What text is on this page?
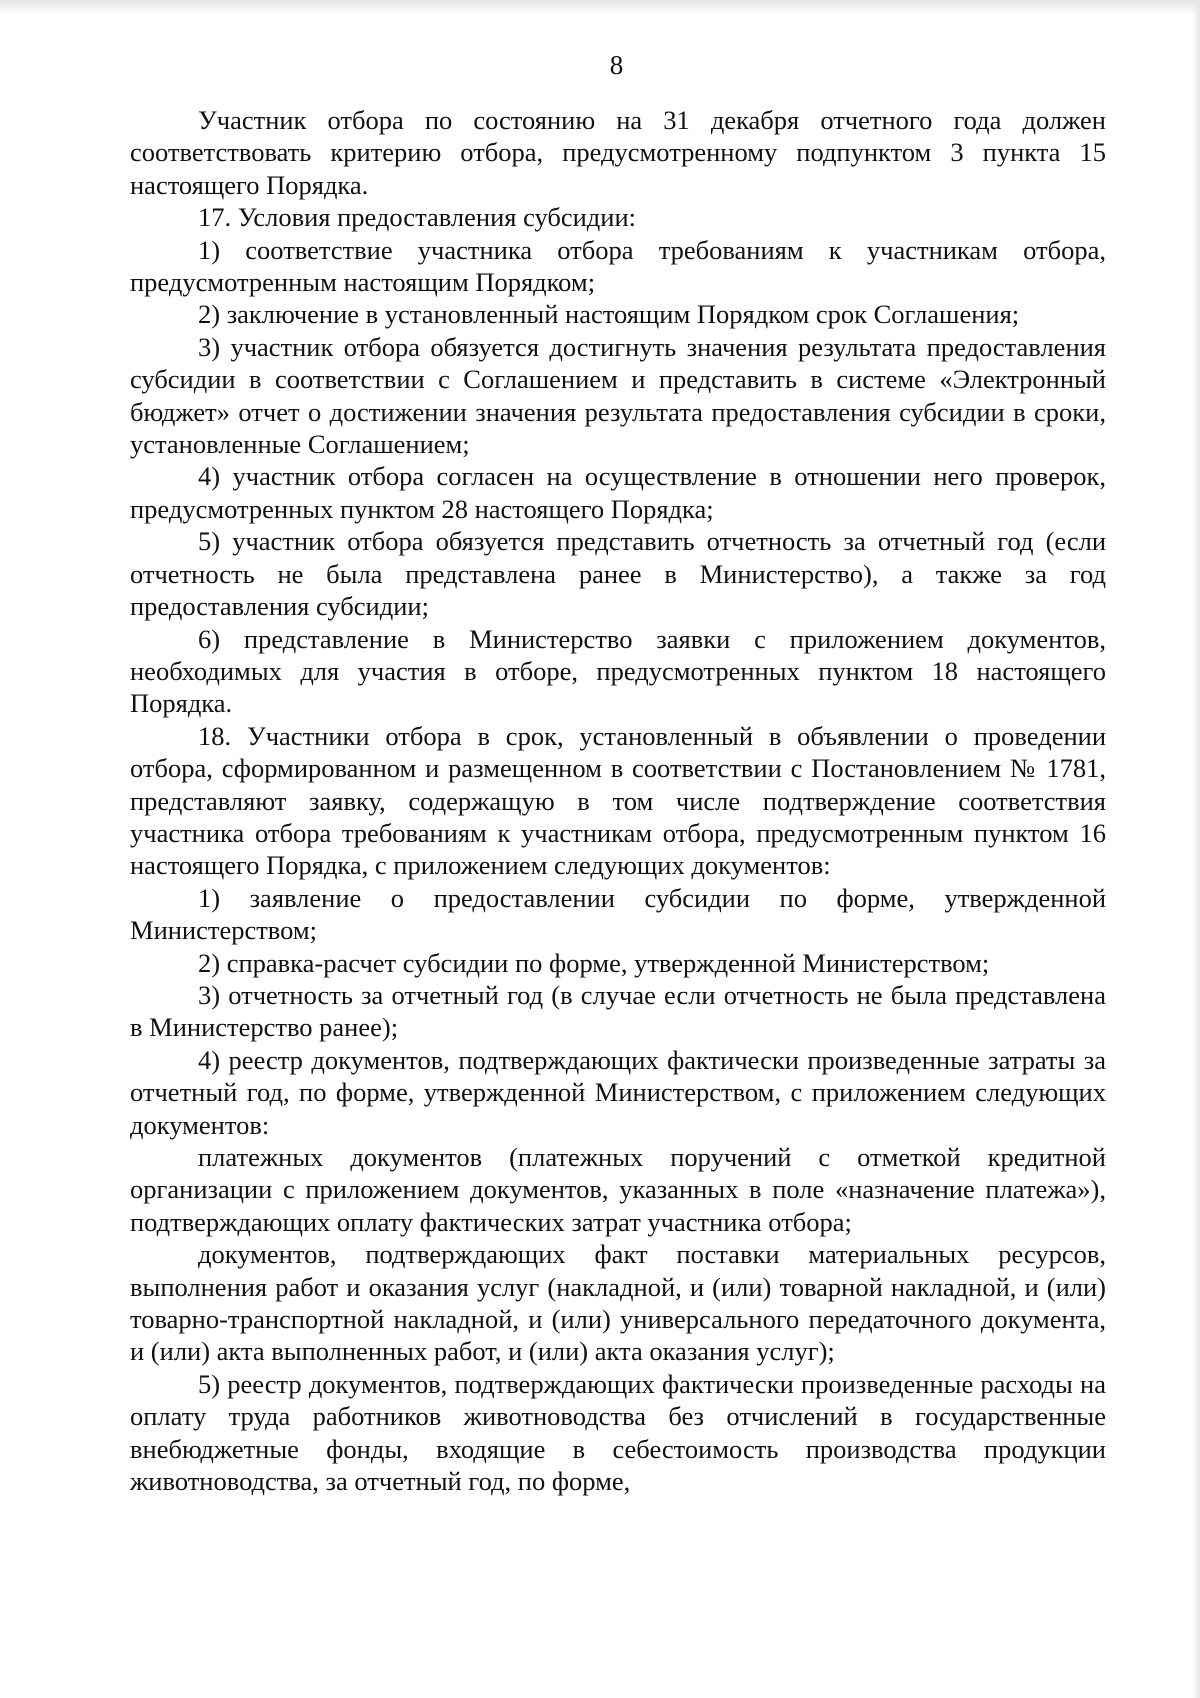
8

Участник отбора по состоянию на 31 декабря отчетного года должен соответствовать критерию отбора, предусмотренному подпунктом 3 пункта 15 настоящего Порядка.

17. Условия предоставления субсидии:

1) соответствие участника отбора требованиям к участникам отбора, предусмотренным настоящим Порядком;

2) заключение в установленный настоящим Порядком срок Соглашения;

3) участник отбора обязуется достигнуть значения результата предоставления субсидии в соответствии с Соглашением и представить в системе «Электронный бюджет» отчет о достижении значения результата предоставления субсидии в сроки, установленные Соглашением;

4) участник отбора согласен на осуществление в отношении него проверок, предусмотренных пунктом 28 настоящего Порядка;

5) участник отбора обязуется представить отчетность за отчетный год (если отчетность не была представлена ранее в Министерство), а также за год предоставления субсидии;

6) представление в Министерство заявки с приложением документов, необходимых для участия в отборе, предусмотренных пунктом 18 настоящего Порядка.

18. Участники отбора в срок, установленный в объявлении о проведении отбора, сформированном и размещенном в соответствии с Постановлением № 1781, представляют заявку, содержащую в том числе подтверждение соответствия участника отбора требованиям к участникам отбора, предусмотренным пунктом 16 настоящего Порядка, с приложением следующих документов:

1) заявление о предоставлении субсидии по форме, утвержденной Министерством;

2) справка-расчет субсидии по форме, утвержденной Министерством;

3) отчетность за отчетный год (в случае если отчетность не была представлена в Министерство ранее);

4) реестр документов, подтверждающих фактически произведенные затраты за отчетный год, по форме, утвержденной Министерством, с приложением следующих документов:

платежных документов (платежных поручений с отметкой кредитной организации с приложением документов, указанных в поле «назначение платежа»), подтверждающих оплату фактических затрат участника отбора;

документов, подтверждающих факт поставки материальных ресурсов, выполнения работ и оказания услуг (накладной, и (или) товарной накладной, и (или) товарно-транспортной накладной, и (или) универсального передаточного документа, и (или) акта выполненных работ, и (или) акта оказания услуг);

5) реестр документов, подтверждающих фактически произведенные расходы на оплату труда работников животноводства без отчислений в государственные внебюджетные фонды, входящие в себестоимость производства продукции животноводства, за отчетный год, по форме,
